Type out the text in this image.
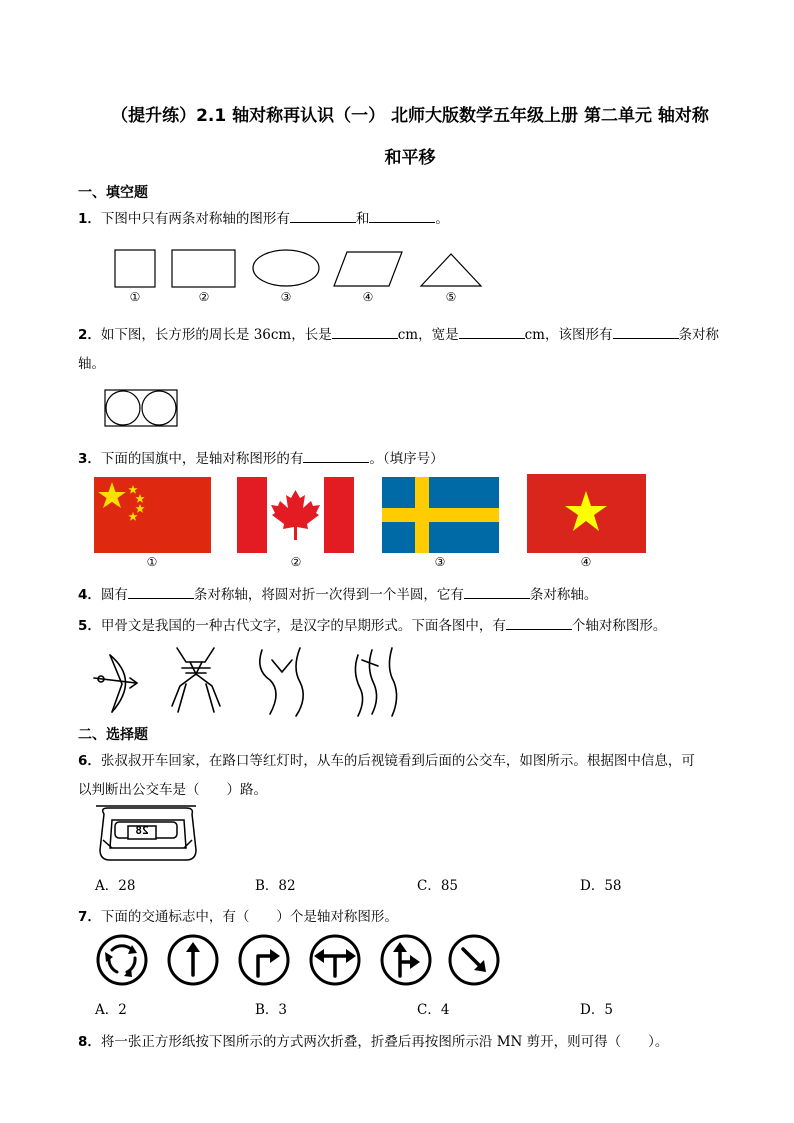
（提升练）2.1 轴对称再认识（一） 北师大版数学五年级上册 第二单元 轴对称
和平移
一、填空题
1．下图中只有两条对称轴的图形有	和	。
①	②	③	④	⑤
2．如下图，长方形的周长是 36cm，长是	cm，宽是	cm，该图形有	条对称
轴。
3．下面的国旗中，是轴对称图形的有	。（填序号）
①	②	③	④
4．圆有	条对称轴，将圆对折一次得到一个半圆，它有	条对称轴。
5．甲骨文是我国的一种古代文字，是汉字的早期形式。下面各图中，有	个轴对称图形。
二、选择题
6．张叔叔开车回家，在路口等红灯时，从车的后视镜看到后面的公交车，如图所示。根据图中信息，可
以判断出公交车是（　　）路。
28
A．28	B．82	C．85	D．58
7．下面的交通标志中，有（　　）个是轴对称图形。
A．2	B．3	C．4	D．5
8．将一张正方形纸按下图所示的方式两次折叠，折叠后再按图所示沿 MN 剪开，则可得（　　）。
